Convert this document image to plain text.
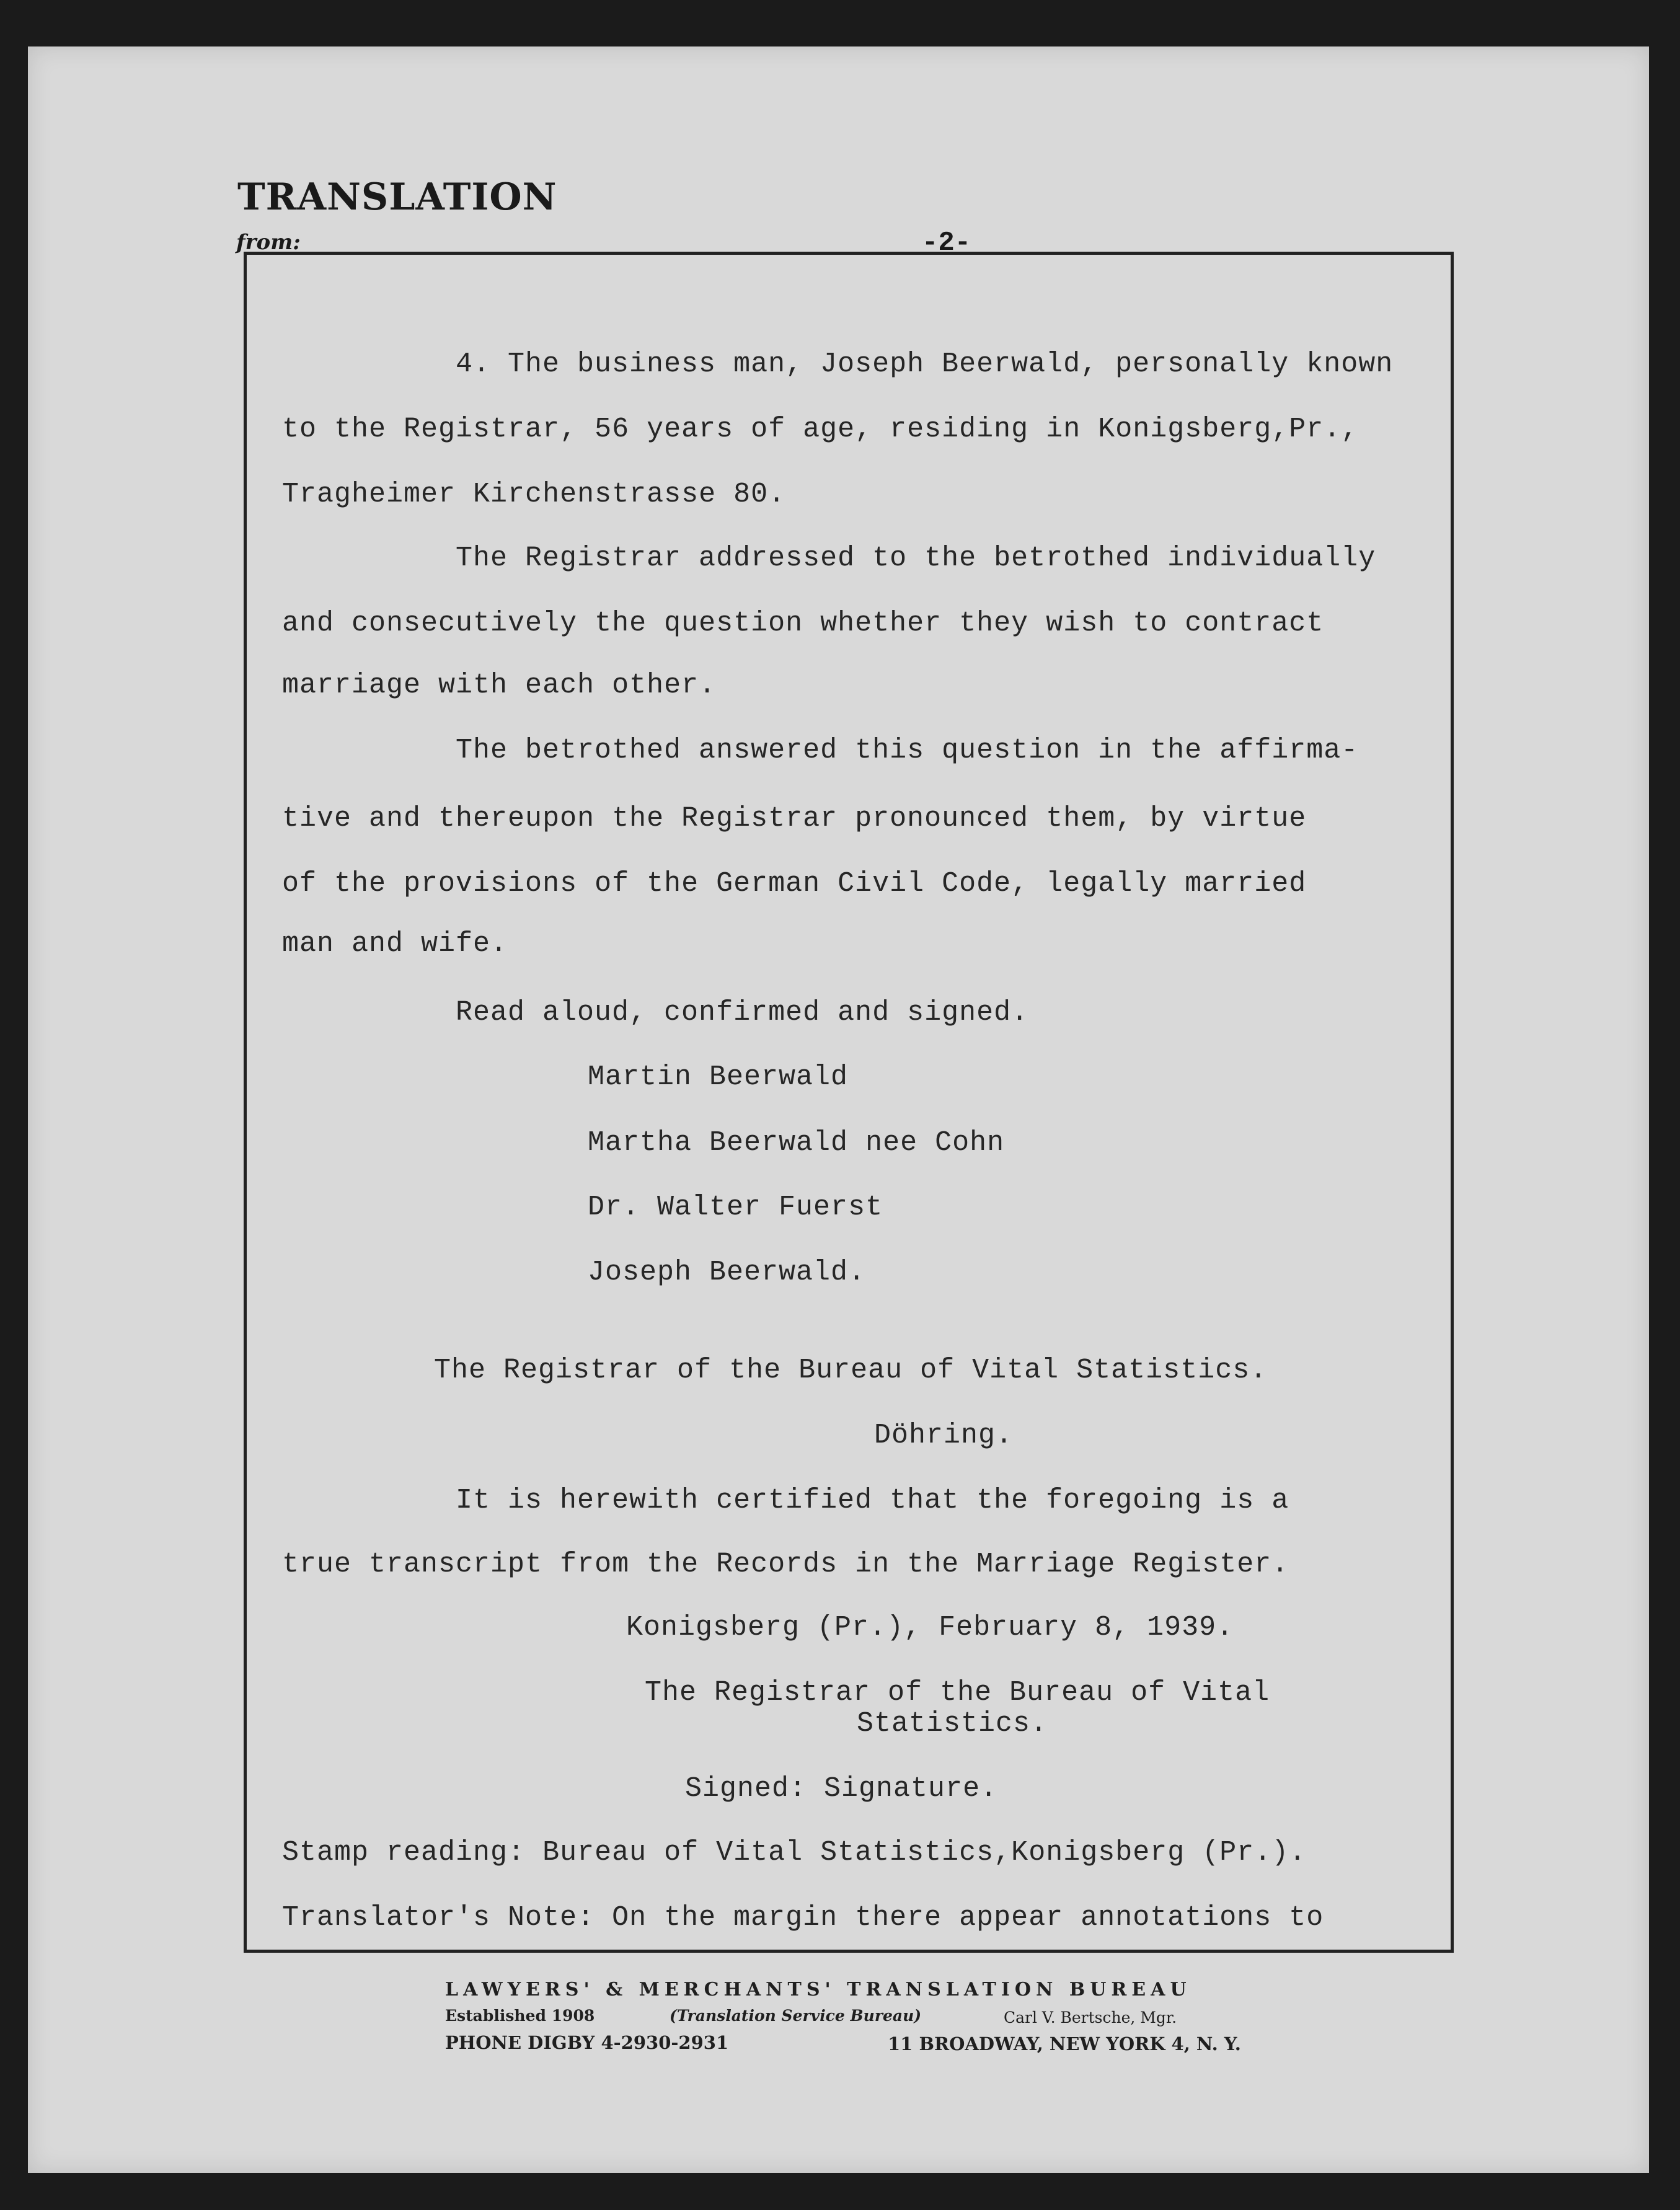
TRANSLATION
from:	-2-
4. The business man, Joseph Beerwald, personally known
to the Registrar, 56 years of age, residing in Konigsberg,Pr.,
Tragheimer Kirchenstrasse 80.
The Registrar addressed to the betrothed individually
and consecutively the question whether they wish to contract
marriage with each other.
The betrothed answered this question in the affirma-
tive and thereupon the Registrar pronounced them, by virtue
of the provisions of the German Civil Code, legally married
man and wife.
Read aloud, confirmed and signed.
Martin Beerwald
Martha Beerwald nee Cohn
Dr. Walter Fuerst
Joseph Beerwald.
The Registrar of the Bureau of Vital Statistics.
Döhring.
It is herewith certified that the foregoing is a
true transcript from the Records in the Marriage Register.
Konigsberg (Pr.), February 8, 1939.
The Registrar of the Bureau of Vital
Statistics.
Signed: Signature.
Stamp reading: Bureau of Vital Statistics,Konigsberg (Pr.).
Translator's Note: On the margin there appear annotations to
LAWYERS' & MERCHANTS' TRANSLATION BUREAU
Established 1908	(Translation Service Bureau)	Carl V. Bertsche, Mgr.
PHONE DIGBY 4-2930-2931	11 BROADWAY, NEW YORK 4, N. Y.
